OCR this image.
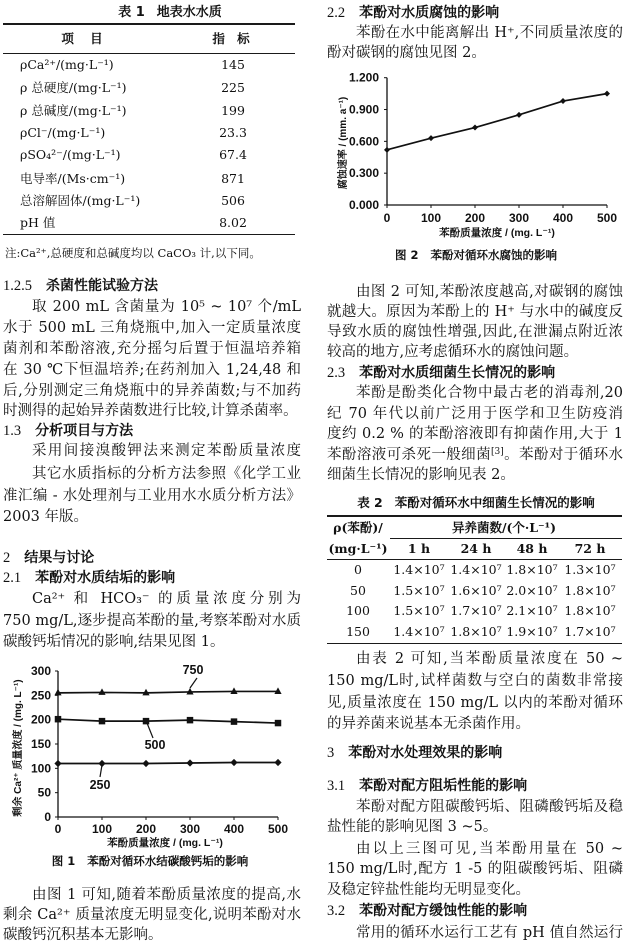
表 1 地表水水质
项 目	指 标
ρCa²⁺/(mg·L⁻¹)	145
ρ 总硬度/(mg·L⁻¹)	225
ρ 总碱度/(mg·L⁻¹)	199
ρCl⁻/(mg·L⁻¹)	23.3
ρSO₄²⁻/(mg·L⁻¹)	67.4
电导率/(Ms·cm⁻¹)	871
总溶解固体/(mg·L⁻¹)	506
pH 值	8.02
注:Ca²⁺,总硬度和总碱度均以 CaCO₃ 计,以下同。
1.2.5 杀菌性能试验方法
取 200 mL 含菌量为 10⁵ ~ 10⁷ 个/mL
水于 500 mL 三角烧瓶中,加入一定质量浓度
菌剂和苯酚溶液,充分摇匀后置于恒温培养箱
在 30 ℃下恒温培养;在药剂加入 1,24,48 和
后,分别测定三角烧瓶中的异养菌数;与不加药
时测得的起始异养菌数进行比较,计算杀菌率。
1.3 分析项目与方法
采用间接溴酸钾法来测定苯酚质量浓度
其它水质指标的分析方法参照《化学工业
准汇编 - 水处理剂与工业用水水质分析方法》
2003 年版。
2 结果与讨论
2.1 苯酚对水质结垢的影响
Ca²⁺ 和 HCO₃⁻ 的质量浓度分别为
750 mg/L,逐步提高苯酚的量,考察苯酚对水质
碳酸钙垢情况的影响,结果见图 1。
0
50
100
150
200
250
300
0	100 200 300 400 500
750
500
250
苯酚质量浓度 / (mg. L⁻¹)
剩余 Ca²⁺ 质量浓度 / (mg. L⁻¹)
图 1 苯酚对循环水结碳酸钙垢的影响
由图 1 可知,随着苯酚质量浓度的提高,水
剩余 Ca²⁺ 质量浓度无明显变化,说明苯酚对水
碳酸钙沉积基本无影响。
2.2 苯酚对水质腐蚀的影响
苯酚在水中能离解出 H⁺,不同质量浓度的
酚对碳钢的腐蚀见图 2。
0.000
0.300
0.600
0.900
1.200
0	100 200 300 400 500
苯酚质量浓度 / (mg. L⁻¹)
腐蚀速率 / (mm. a⁻¹)
图 2 苯酚对循环水腐蚀的影响
由图 2 可知,苯酚浓度越高,对碳钢的腐蚀
就越大。原因为苯酚上的 H⁺ 与水中的碱度反
导致水质的腐蚀性增强,因此,在泄漏点附近浓
较高的地方,应考虑循环水的腐蚀问题。
2.3 苯酚对水质细菌生长情况的影响
苯酚是酚类化合物中最古老的消毒剂,20
纪 70 年代以前广泛用于医学和卫生防疫消
度约 0.2 % 的苯酚溶液即有抑菌作用,大于 1
苯酚溶液可杀死一般细菌[3]。苯酚对于循环水
细菌生长情况的影响见表 2。
表 2 苯酚对循环水中细菌生长情况的影响
ρ(苯酚)/	异养菌数/(个·L⁻¹)
(mg·L⁻¹)	1 h	24 h	48 h	72 h
0	1.4×10⁷ 1.4×10⁷ 1.8×10⁷ 1.3×10⁷
50	1.5×10⁷ 1.6×10⁷ 2.0×10⁷ 1.8×10⁷
100	1.5×10⁷ 1.7×10⁷ 2.1×10⁷ 1.8×10⁷
150	1.4×10⁷ 1.8×10⁷ 1.9×10⁷ 1.7×10⁷
由表 2 可知,当苯酚质量浓度在 50 ~
150 mg/L时,试样菌数与空白的菌数非常接
见,质量浓度在 150 mg/L 以内的苯酚对循环
的异养菌来说基本无杀菌作用。
3 苯酚对水处理效果的影响
3.1 苯酚对配方阻垢性能的影响
苯酚对配方阻碳酸钙垢、阻磷酸钙垢及稳
盐性能的影响见图 3 ~5。
由以上三图可见,当苯酚用量在 50 ~
150 mg/L时,配方 1 -5 的阻碳酸钙垢、阻磷
及稳定锌盐性能均无明显变化。
3.2 苯酚对配方缓蚀性能的影响
常用的循环水运行工艺有 pH 值自然运行
